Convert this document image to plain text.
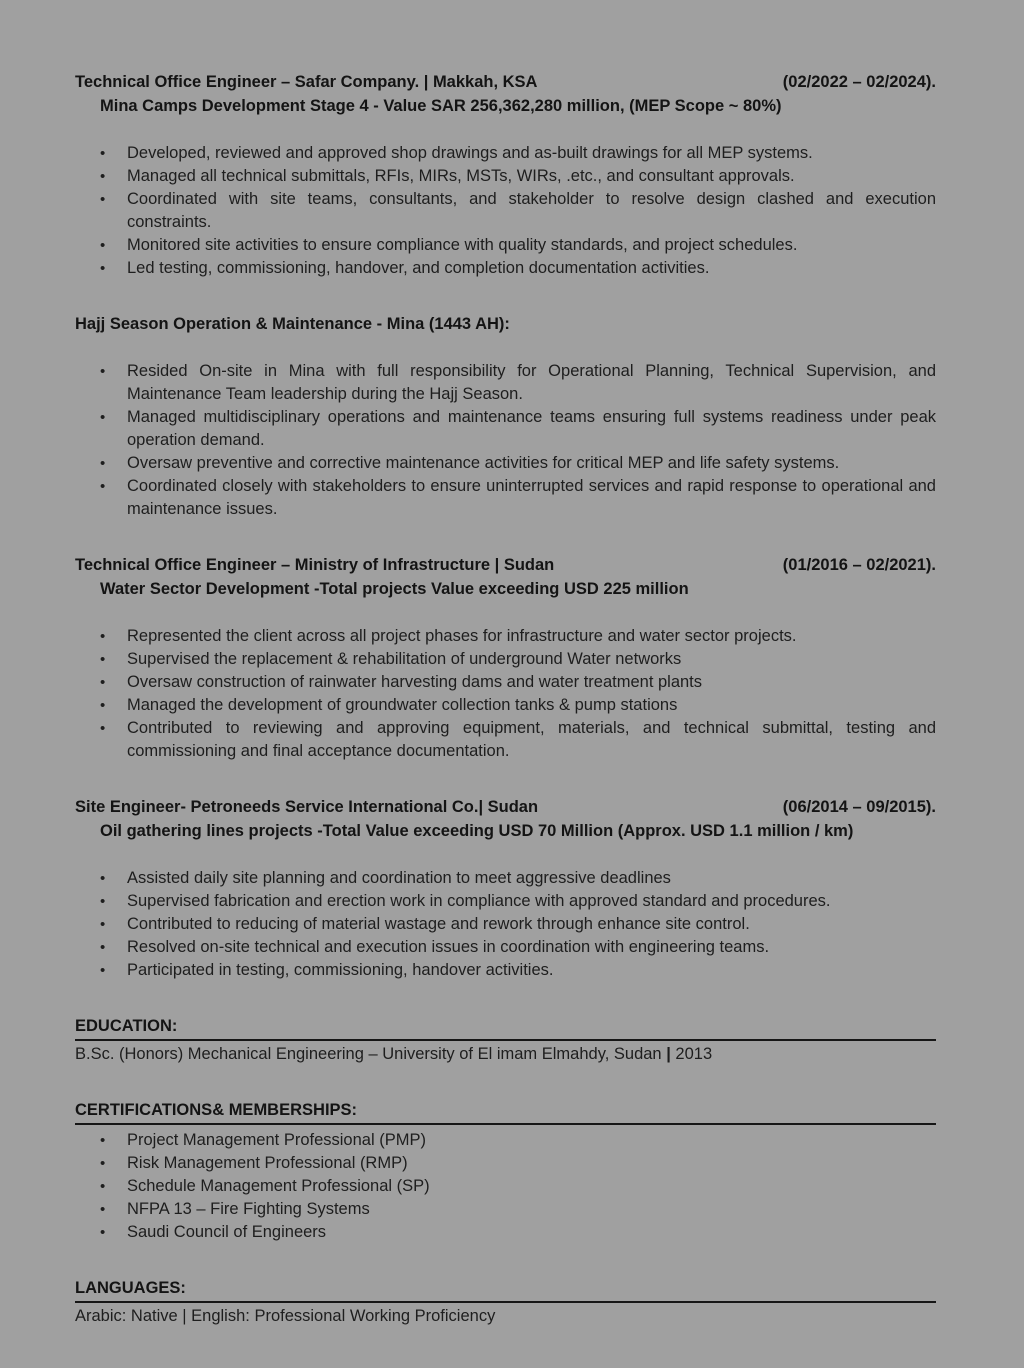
Technical Office Engineer – Safar Company. | Makkah, KSA	(02/2022 – 02/2024).
Mina Camps Development Stage 4 - Value SAR 256,362,280 million, (MEP Scope ~ 80%)
•	Developed, reviewed and approved shop drawings and as-built drawings for all MEP systems.
•	Managed all technical submittals, RFIs, MIRs, MSTs, WIRs, .etc., and consultant approvals.
•	Coordinated with site teams, consultants, and stakeholder to resolve design clashed and execution constraints.
•	Monitored site activities to ensure compliance with quality standards, and project schedules.
•	Led testing, commissioning, handover, and completion documentation activities.
Hajj Season Operation & Maintenance - Mina (1443 AH):
•	Resided On-site in Mina with full responsibility for Operational Planning, Technical Supervision, and Maintenance Team leadership during the Hajj Season.
•	Managed multidisciplinary operations and maintenance teams ensuring full systems readiness under peak operation demand.
•	Oversaw preventive and corrective maintenance activities for critical MEP and life safety systems.
•	Coordinated closely with stakeholders to ensure uninterrupted services and rapid response to operational and maintenance issues.
Technical Office Engineer – Ministry of Infrastructure | Sudan	(01/2016 – 02/2021).
Water Sector Development -Total projects Value exceeding USD 225 million
•	Represented the client across all project phases for infrastructure and water sector projects.
•	Supervised the replacement & rehabilitation of underground Water networks
•	Oversaw construction of rainwater harvesting dams and water treatment plants
•	Managed the development of groundwater collection tanks & pump stations
•	Contributed to reviewing and approving equipment, materials, and technical submittal, testing and commissioning and final acceptance documentation.
Site Engineer- Petroneeds Service International Co.| Sudan	(06/2014 – 09/2015).
Oil gathering lines projects -Total Value exceeding USD 70 Million (Approx. USD 1.1 million / km)
•	Assisted daily site planning and coordination to meet aggressive deadlines
•	Supervised fabrication and erection work in compliance with approved standard and procedures.
•	Contributed to reducing of material wastage and rework through enhance site control.
•	Resolved on-site technical and execution issues in coordination with engineering teams.
•	Participated in testing, commissioning, handover activities.
EDUCATION:
B.Sc. (Honors) Mechanical Engineering – University of El imam Elmahdy, Sudan | 2013
CERTIFICATIONS& MEMBERSHIPS:
•	Project Management Professional (PMP)
•	Risk Management Professional (RMP)
•	Schedule Management Professional (SP)
•	NFPA 13 – Fire Fighting Systems
•	Saudi Council of Engineers
LANGUAGES:
Arabic: Native | English: Professional Working Proficiency
